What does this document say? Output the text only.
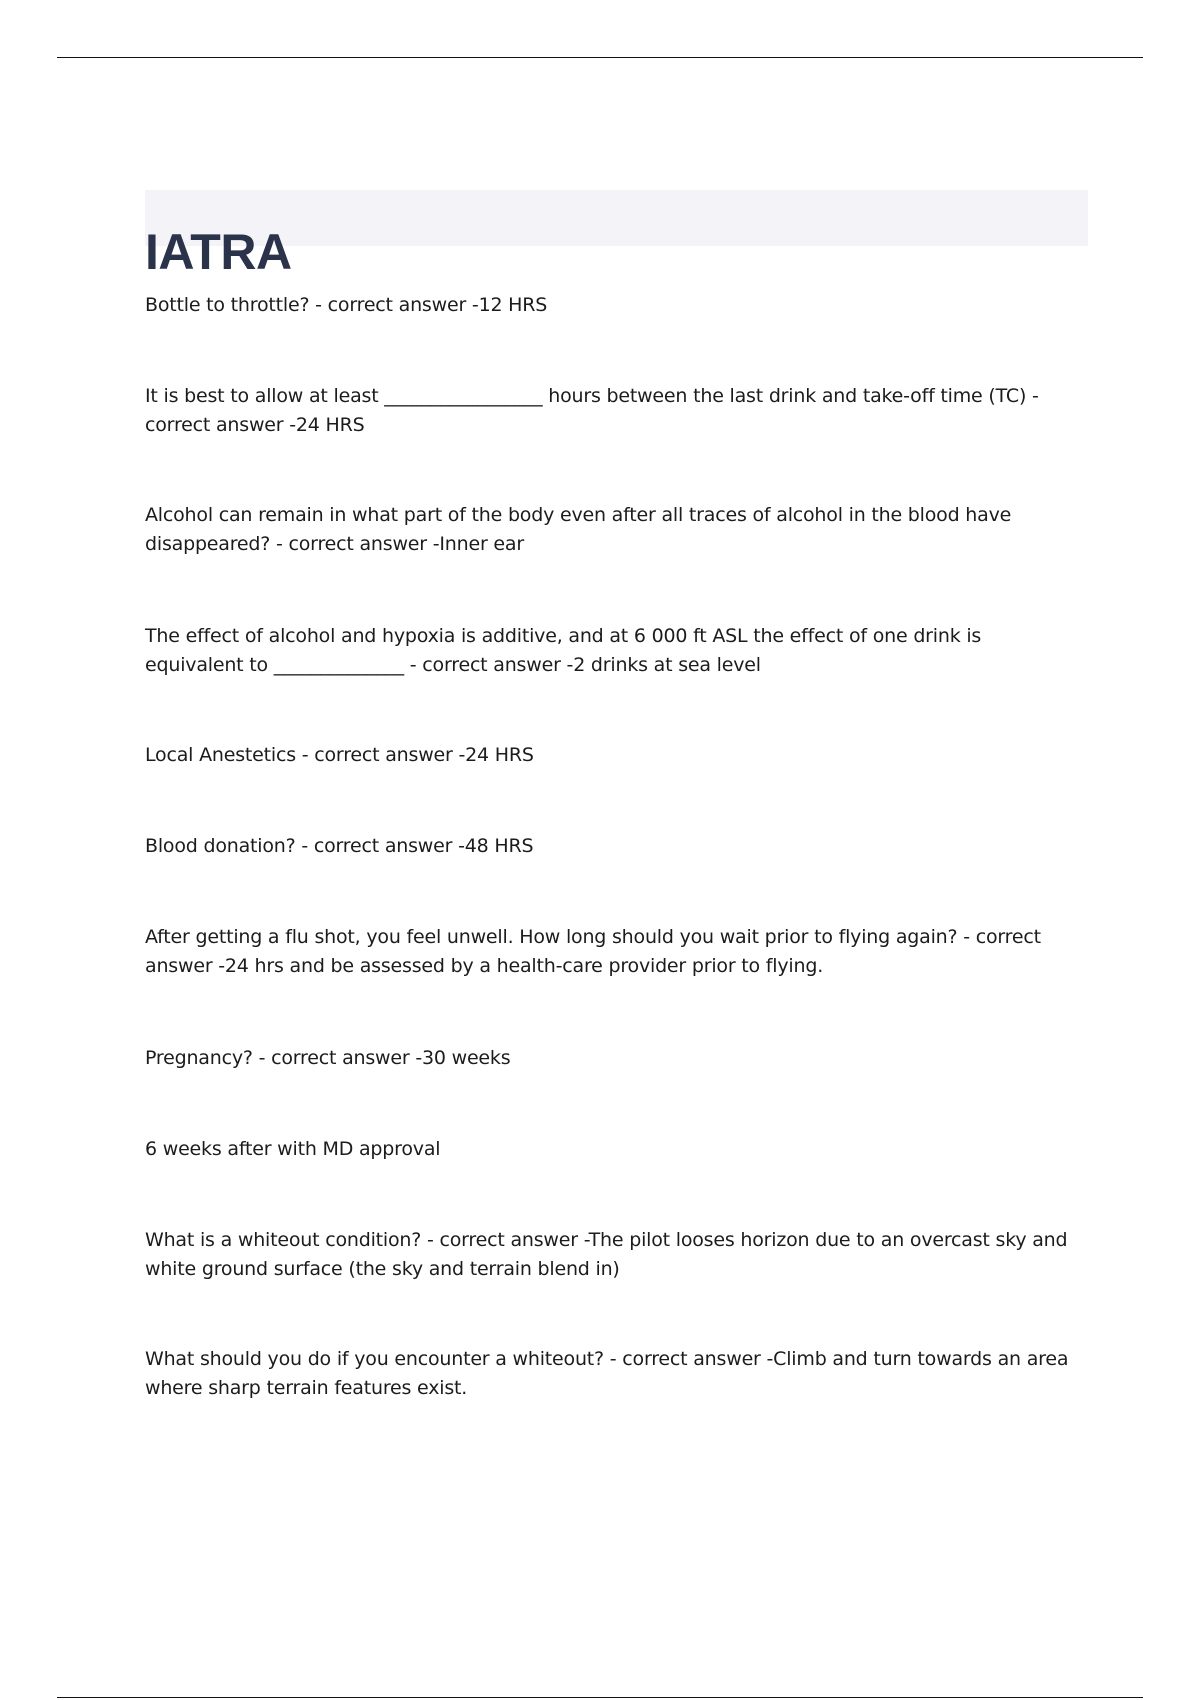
IATRA

Bottle to throttle? - correct answer -12 HRS

It is best to allow at least _________________ hours between the last drink and take-off time (TC) - correct answer -24 HRS

Alcohol can remain in what part of the body even after all traces of alcohol in the blood have disappeared? - correct answer -Inner ear

The effect of alcohol and hypoxia is additive, and at 6 000 ft ASL the effect of one drink is equivalent to ______________ - correct answer -2 drinks at sea level

Local Anestetics - correct answer -24 HRS

Blood donation? - correct answer -48 HRS

After getting a flu shot, you feel unwell. How long should you wait prior to flying again? - correct answer -24 hrs and be assessed by a health-care provider prior to flying.

Pregnancy? - correct answer -30 weeks

6 weeks after with MD approval

What is a whiteout condition? - correct answer -The pilot looses horizon due to an overcast sky and white ground surface (the sky and terrain blend in)

What should you do if you encounter a whiteout? - correct answer -Climb and turn towards an area where sharp terrain features exist.
